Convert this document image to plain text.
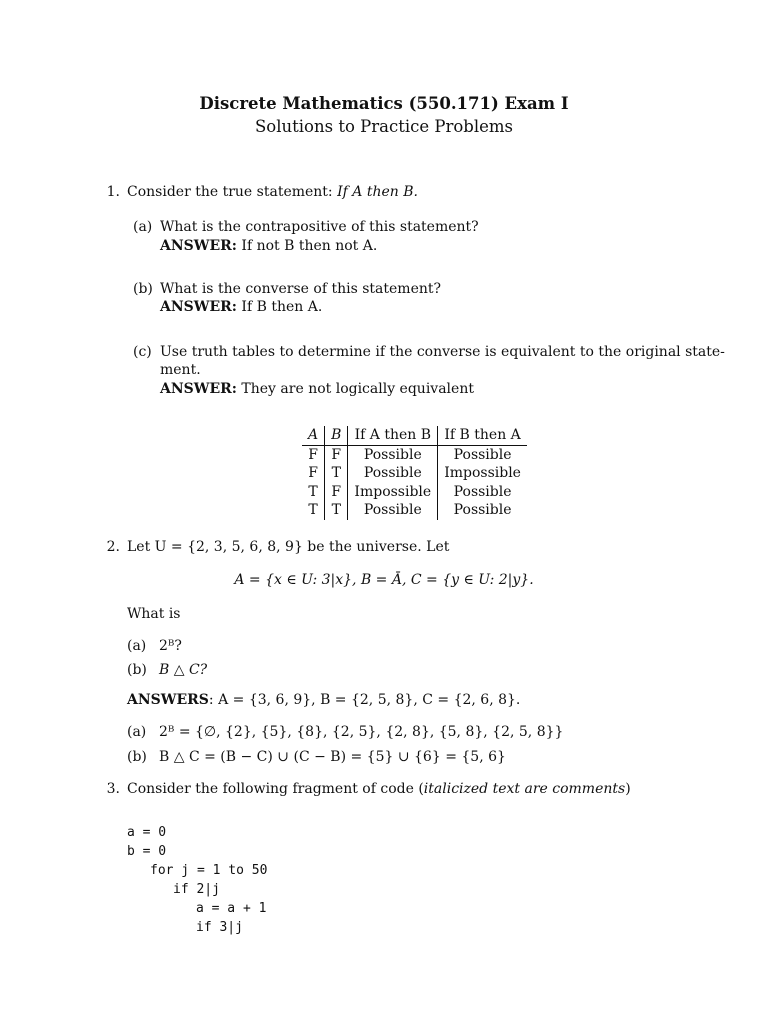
Discrete Mathematics (550.171) Exam I
Solutions to Practice Problems
1. Consider the true statement: If A then B.
(a) What is the contrapositive of this statement?
ANSWER: If not B then not A.
(b) What is the converse of this statement?
ANSWER: If B then A.
(c) Use truth tables to determine if the converse is equivalent to the original state-
ment.
ANSWER: They are not logically equivalent
A	B	If A then B	If B then A
F	F	Possible	Possible
F	T	Possible	Impossible
T	F	Impossible	Possible
T	T	Possible	Possible
2. Let U = {2, 3, 5, 6, 8, 9} be the universe. Let
A = {x ∈ U: 3|x}, B = Ā, C = {y ∈ U: 2|y}.
What is
(a) 2ᴮ?
(b) B △ C?
ANSWERS: A = {3, 6, 9}, B = {2, 5, 8}, C = {2, 6, 8}.
(a) 2ᴮ = {∅, {2}, {5}, {8}, {2, 5}, {2, 8}, {5, 8}, {2, 5, 8}}
(b) B △ C = (B − C) ∪ (C − B) = {5} ∪ {6} = {5, 6}
3. Consider the following fragment of code (italicized text are comments)
a = 0
b = 0
for j = 1 to 50
if 2|j
a = a + 1
if 3|j
